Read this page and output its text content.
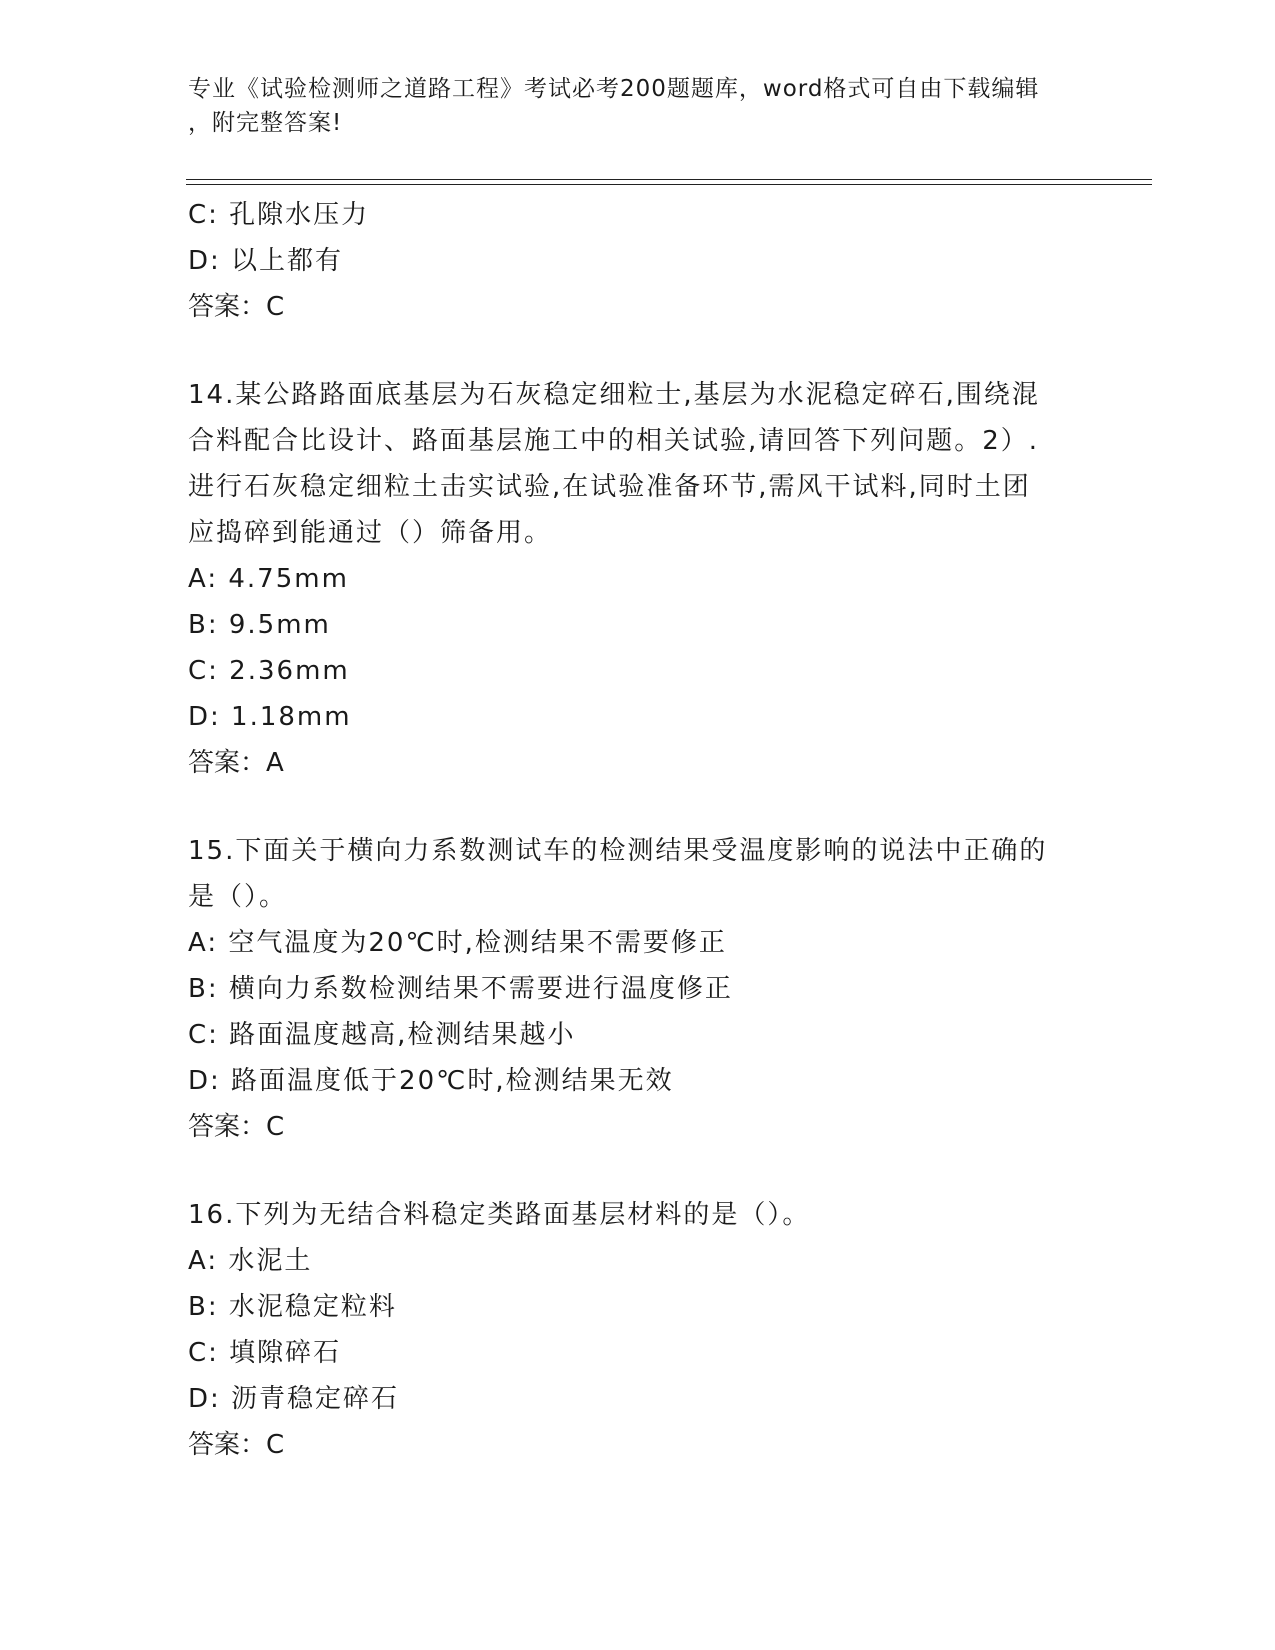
专业《试验检测师之道路工程》考试必考200题题库，word格式可自由下载编辑
，附完整答案!
C: 孔隙水压力
D: 以上都有
答案：C
14.某公路路面底基层为石灰稳定细粒士,基层为水泥稳定碎石,围绕混
合料配合比设计、路面基层施工中的相关试验,请回答下列问题。2）.
进行石灰稳定细粒土击实试验,在试验准备环节,需风干试料,同时土团
应捣碎到能通过（）筛备用。
A: 4.75mm
B: 9.5mm
C: 2.36mm
D: 1.18mm
答案：A
15.下面关于横向力系数测试车的检测结果受温度影响的说法中正确的
是（）。
A: 空气温度为20℃时,检测结果不需要修正
B: 横向力系数检测结果不需要进行温度修正
C: 路面温度越高,检测结果越小
D: 路面温度低于20℃时,检测结果无效
答案：C
16.下列为无结合料稳定类路面基层材料的是（）。
A: 水泥土
B: 水泥稳定粒料
C: 填隙碎石
D: 沥青稳定碎石
答案：C
